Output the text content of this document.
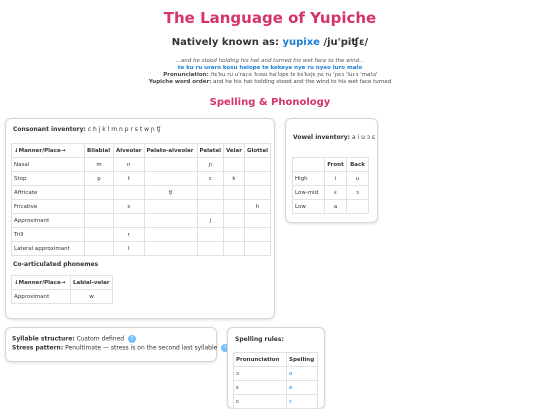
The Language of Yupiche
Natively known as: yupixe /ju'piʧɛ/
...and he stood holding his hat and turned his wet face to the wind...
te ku ru uraro kosu halope te kekeye nye ru nyeo luro malo
Pronunciation: /tɛˈku ru uˈraɾo ˈkɔsu haˈlɔpɛ tɛ kɛˈkɛjɛ ɲɛ ru ˈɲɛɔ ˈluɾɔ ˈmalɔ/
Yupiche word order: and he his hat holding stood and the wind to his wet face turned
Spelling & Phonology
Consonant inventory: c h j k l m n p r s t w ɲ ʧ
↓Manner/Place→	Bilabial	Alveolar	Palato-alveolar	Palatal	Velar	Glottal
Nasal	m	n		ɲ		
Stop	p	t		c	k	
Affricate			ʧ			
Fricative		s				h
Approximant				j		
Trill		r				
Lateral approximant		l				
Co-articulated phonemes
↓Manner/Place→	Labial-velar
Approximant	w
Vowel inventory: a i u ɔ ɛ
	Front	Back
High	i	u
Low-mid	ɛ	ɔ
Low	a	
Syllable structure: Custom defined ?
Stress pattern: Penultimate — stress is on the second last syllable ?
Spelling rules:
Pronunciation	Spelling
ɔ	o
ɛ	e
c	c
